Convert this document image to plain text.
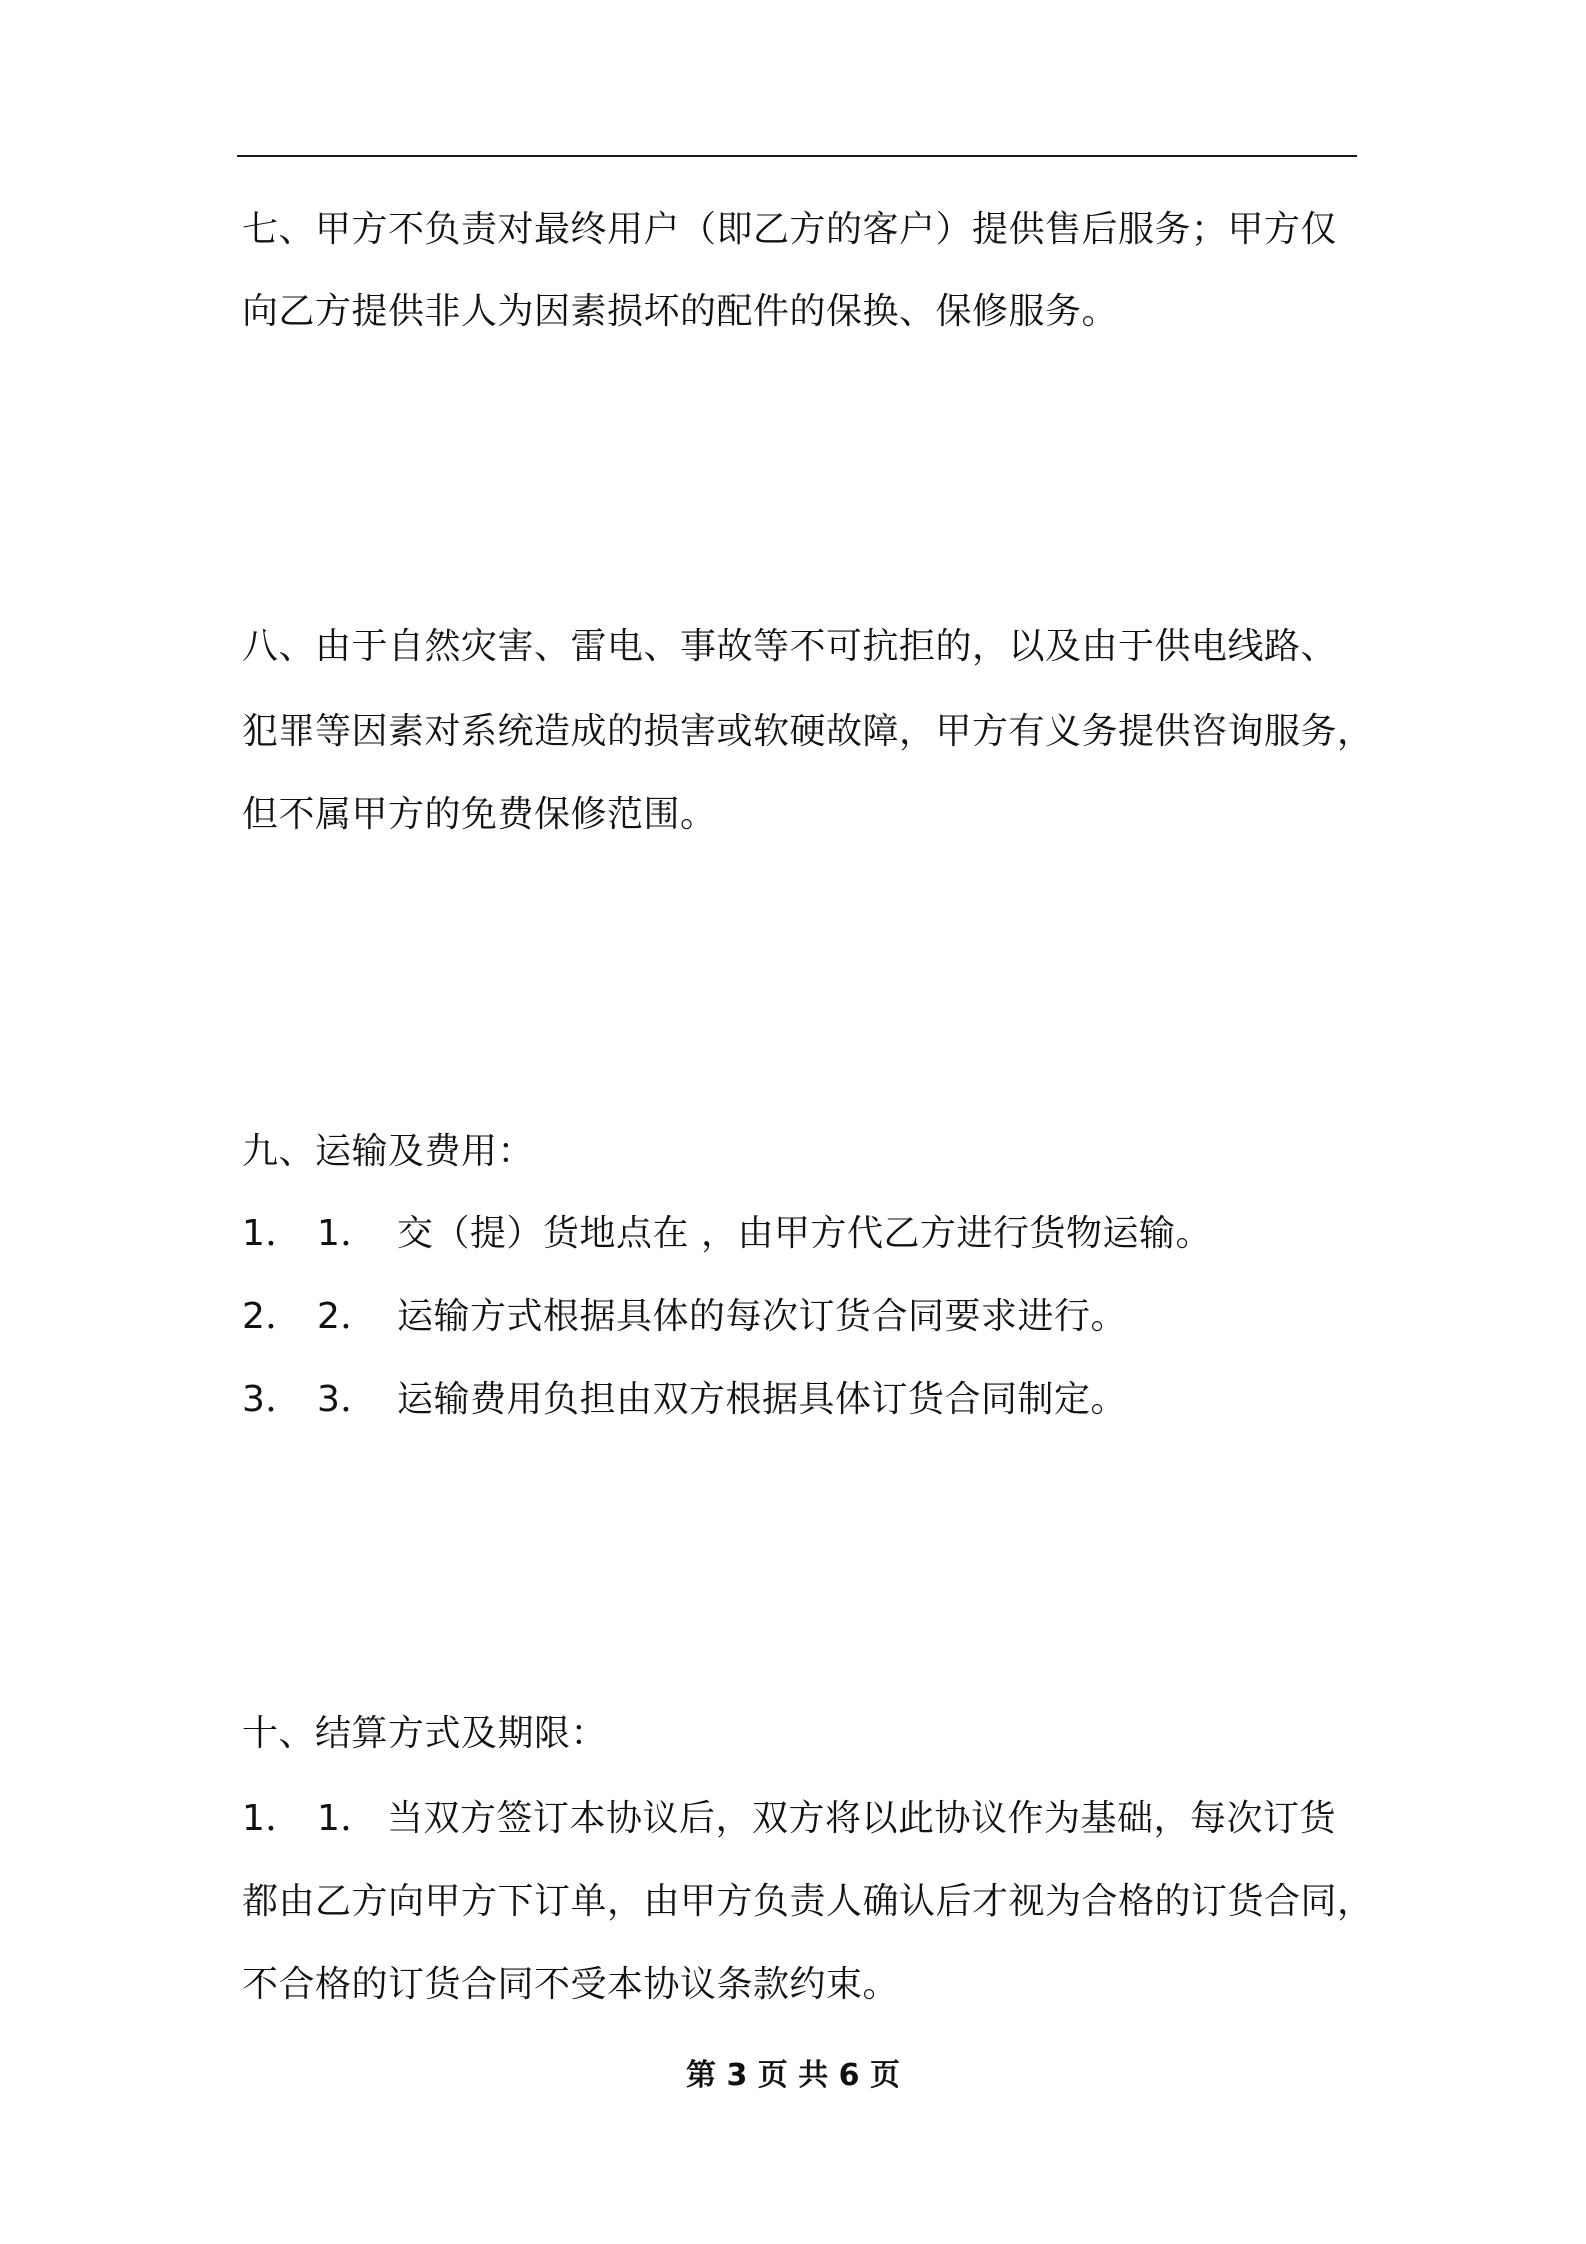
七、甲方不负责对最终用户（即乙方的客户）提供售后服务；甲方仅
向乙方提供非人为因素损坏的配件的保换、保修服务。
八、由于自然灾害、雷电、事故等不可抗拒的，以及由于供电线路、
犯罪等因素对系统造成的损害或软硬故障，甲方有义务提供咨询服务，
但不属甲方的免费保修范围。
九、运输及费用：
1． 1． 交（提）货地点在 ，由甲方代乙方进行货物运输。
2． 2． 运输方式根据具体的每次订货合同要求进行。
3． 3． 运输费用负担由双方根据具体订货合同制定。
十、结算方式及期限：
1． 1． 当双方签订本协议后，双方将以此协议作为基础，每次订货
都由乙方向甲方下订单，由甲方负责人确认后才视为合格的订货合同，
不合格的订货合同不受本协议条款约束。
第 3 页 共 6 页
